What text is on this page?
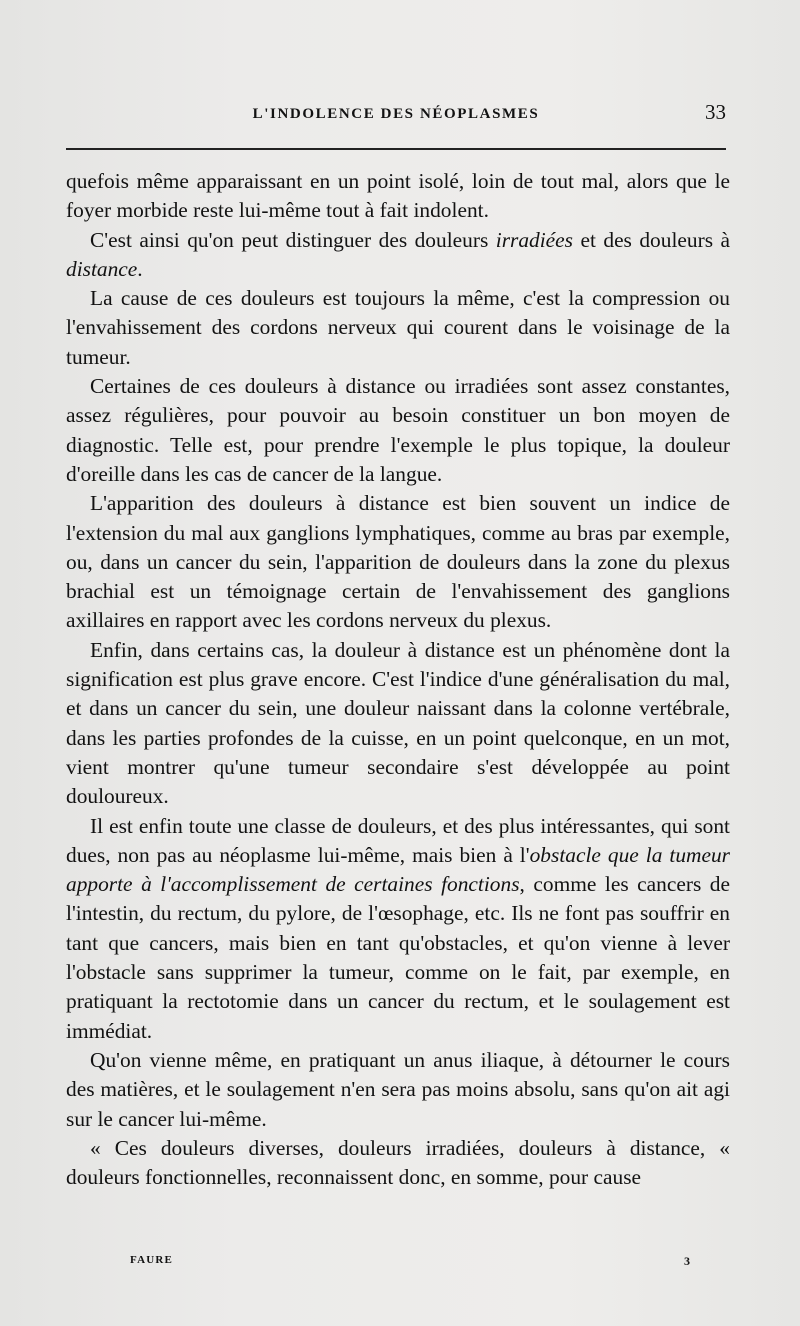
L'INDOLENCE DES NÉOPLASMES	33

quefois même apparaissant en un point isolé, loin de tout mal, alors que le foyer morbide reste lui-même tout à fait indolent.

C'est ainsi qu'on peut distinguer des douleurs irradiées et des douleurs à distance.

La cause de ces douleurs est toujours la même, c'est la compression ou l'envahissement des cordons nerveux qui courent dans le voisinage de la tumeur.

Certaines de ces douleurs à distance ou irradiées sont assez constantes, assez régulières, pour pouvoir au besoin constituer un bon moyen de diagnostic. Telle est, pour prendre l'exemple le plus topique, la douleur d'oreille dans les cas de cancer de la langue.

L'apparition des douleurs à distance est bien souvent un indice de l'extension du mal aux ganglions lymphatiques, comme au bras par exemple, ou, dans un cancer du sein, l'apparition de douleurs dans la zone du plexus brachial est un témoignage certain de l'envahissement des ganglions axillaires en rapport avec les cordons nerveux du plexus.

Enfin, dans certains cas, la douleur à distance est un phénomène dont la signification est plus grave encore. C'est l'indice d'une généralisation du mal, et dans un cancer du sein, une douleur naissant dans la colonne vertébrale, dans les parties profondes de la cuisse, en un point quelconque, en un mot, vient montrer qu'une tumeur secondaire s'est développée au point douloureux.

Il est enfin toute une classe de douleurs, et des plus intéressantes, qui sont dues, non pas au néoplasme lui-même, mais bien à l'obstacle que la tumeur apporte à l'accomplissement de certaines fonctions, comme les cancers de l'intestin, du rectum, du pylore, de l'œsophage, etc. Ils ne font pas souffrir en tant que cancers, mais bien en tant qu'obstacles, et qu'on vienne à lever l'obstacle sans supprimer la tumeur, comme on le fait, par exemple, en pratiquant la rectotomie dans un cancer du rectum, et le soulagement est immédiat.

Qu'on vienne même, en pratiquant un anus iliaque, à détourner le cours des matières, et le soulagement n'en sera pas moins absolu, sans qu'on ait agi sur le cancer lui-même.

« Ces douleurs diverses, douleurs irradiées, douleurs à distance, « douleurs fonctionnelles, reconnaissent donc, en somme, pour cause

FAURE	3
